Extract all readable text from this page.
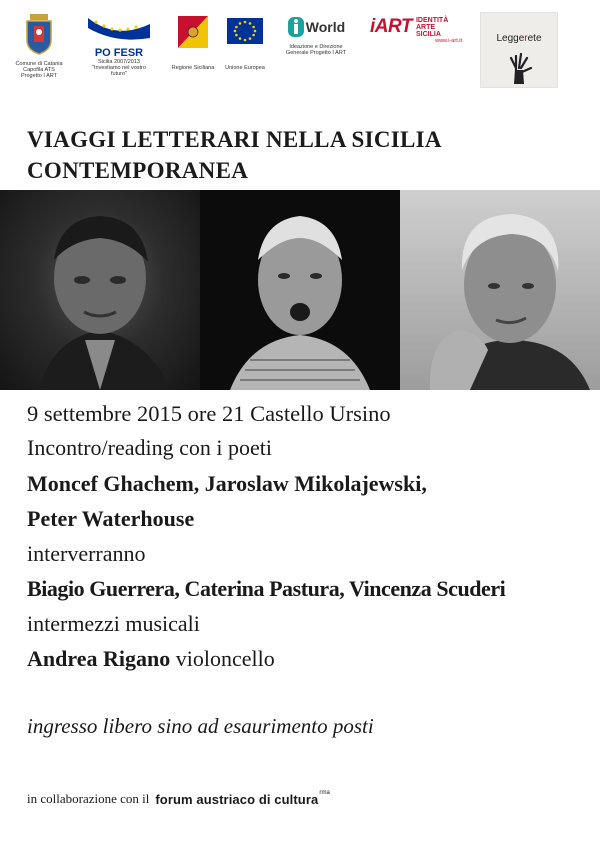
Comune di Catania Capofila ATS Progetto I ART
PO FESR
Sicilia 2007/2013
"Investiamo nel vostro futuro"
Regione Siciliana	Unione Europea
World
Ideazione e Direzione Generale Progetto I ART
iART IDENTITÀ ARTE SICILIA
www.i-art.it	Leggerete
VIAGGI LETTERARI NELLA SICILIA
CONTEMPORANEA
9 settembre 2015 ore 21 Castello Ursino
Incontro/reading con i poeti
Moncef Ghachem, Jaroslaw Mikolajewski,
Peter Waterhouse
interverranno
Biagio Guerrera, Caterina Pastura, Vincenza Scuderi
intermezzi musicali
Andrea Rigano violoncello
ingresso libero sino ad esaurimento posti
in collaborazione con il forum austriaco di cultura$^{rma}$
